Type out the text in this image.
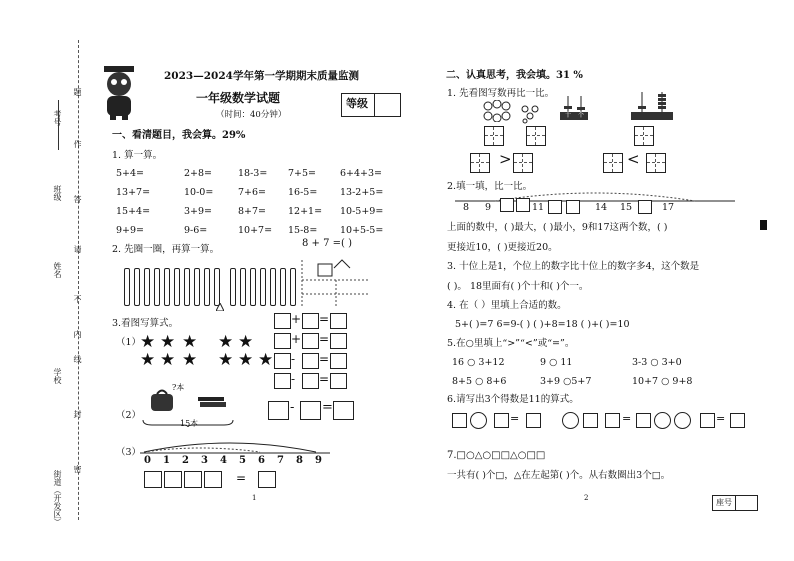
考号
班级
姓名
学校
街道（开发区）
题
作
答
请
不
内
线
封
密
2023—2024学年第一学期期末质量监测
一年级数学试题
（时间：40分钟）
等级
一、看清题目，我会算。29%
1. 算一算。
5+4=	2+8=	18-3= 7+5=	6+4+3=
13+7=	10-0=	7+6= 16-5= 13-2+5=
15+4=	3+9=	8+7= 12+1= 10-5+9=
9+9=	9-6=	10+7= 15-8= 10+5-5=
2. 先圈一圈，再算一算。
8 + 7 =( )
3.看图写算式。
（1）
★ ★ ★
★ ★ ★
★ ★
★ ★ ★
+ =
+ =
- =
- =
（2）
?本
15本
- =
（3）
0 1 2 3 4 5 6 7 8 9
=
1
二、认真思考，我会填。31 %
1. 先看图写数再比一比。
十 个
>	<
2.填一填，比一比。
8 9	11	14 15	17
上面的数中，( )最大，( )最小，9和17这两个数，( )
更接近10，( )更接近20。
3. 十位上是1，个位上的数字比十位上的数字多4，这个数是
( )。 18里面有( )个十和( )个一。
4. 在（ ）里填上合适的数。
5+( )=7 6=9-( ) ( )+8=18 ( )+( )=10
5.在○里填上“>”“<”或“=”。
16 ○ 3+12	9 ○ 11	3-3 ○ 3+0
8+5 ○ 8+6	3+9 ○5+7	10+7 ○ 9+8
6.请写出3个得数是11的算式。
=	=	=
7.□○△○□□△○□□
一共有( )个□，△在左起第( )个。从右数圈出3个□。
2	座号
